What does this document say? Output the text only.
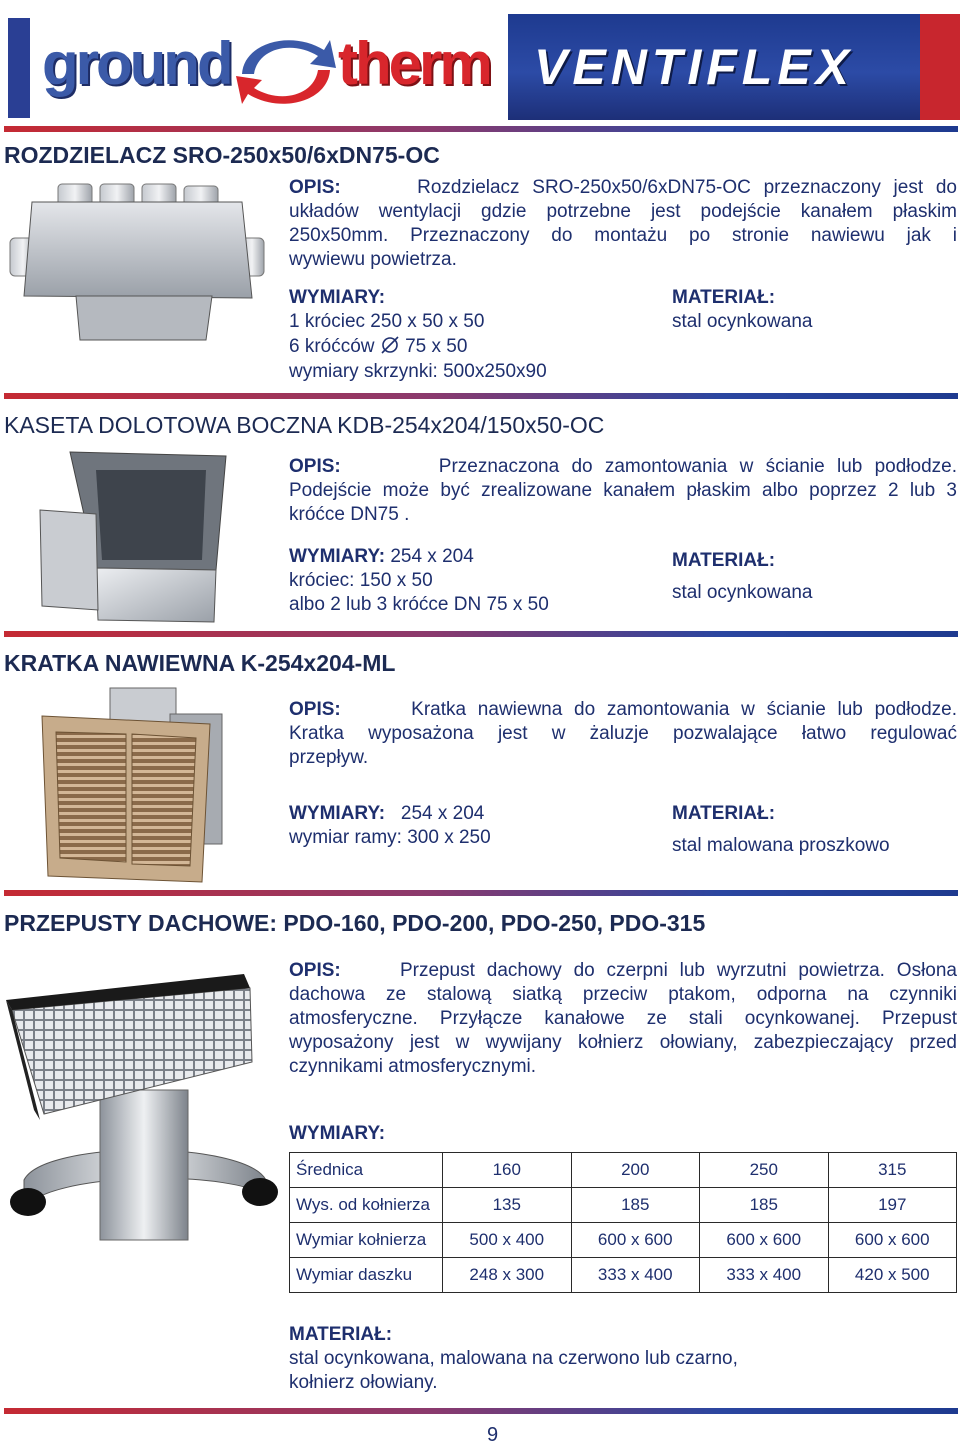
ground therm VENTIFLEX
ROZDZIELACZ SRO-250x50/6xDN75-OC
OPIS:	Rozdzielacz SRO-250x50/6xDN75-OC przeznaczony jest do
układów wentylacji gdzie potrzebne jest podejście kanałem płaskim
250x50mm. Przeznaczony do montażu po stronie nawiewu jak i
wywiewu powietrza.
WYMIARY:
1 króciec 250 x 50 x 50
6 króćców 75 x 50
wymiary skrzynki: 500x250x90
MATERIAŁ:
stal ocynkowana
KASETA DOLOTOWA BOCZNA KDB-254x204/150x50-OC
OPIS:	Przeznaczona do zamontowania w ścianie lub podłodze.
Podejście może być zrealizowane kanałem płaskim albo poprzez 2 lub 3
króćce DN75 .
WYMIARY: 254 x 204
króciec: 150 x 50
albo 2 lub 3 króćce DN 75 x 50
MATERIAŁ:
stal ocynkowana
KRATKA NAWIEWNA K-254x204-ML
OPIS:	Kratka nawiewna do zamontowania w ścianie lub podłodze.
Kratka wyposażona jest w żaluzje pozwalające łatwo regulować
przepływ.
WYMIARY: 254 x 204
wymiar ramy: 300 x 250
MATERIAŁ:
stal malowana proszkowo
PRZEPUSTY DACHOWE: PDO-160, PDO-200, PDO-250, PDO-315
OPIS:	Przepust dachowy do czerpni lub wyrzutni powietrza. Osłona
dachowa ze stalową siatką przeciw ptakom, odporna na czynniki
atmosferyczne. Przyłącze kanałowe ze stali ocynkowanej. Przepust
wyposażony jest w wywijany kołnierz ołowiany, zabezpieczający przed
czynnikami atmosferycznymi.
WYMIARY:
Średnica	160	200	250	315
Wys. od kołnierza	135	185	185	197
Wymiar kołnierza	500 x 400	600 x 600	600 x 600	600 x 600
Wymiar daszku	248 x 300	333 x 400	333 x 400	420 x 500
MATERIAŁ:
stal ocynkowana, malowana na czerwono lub czarno,
kołnierz ołowiany.
9
